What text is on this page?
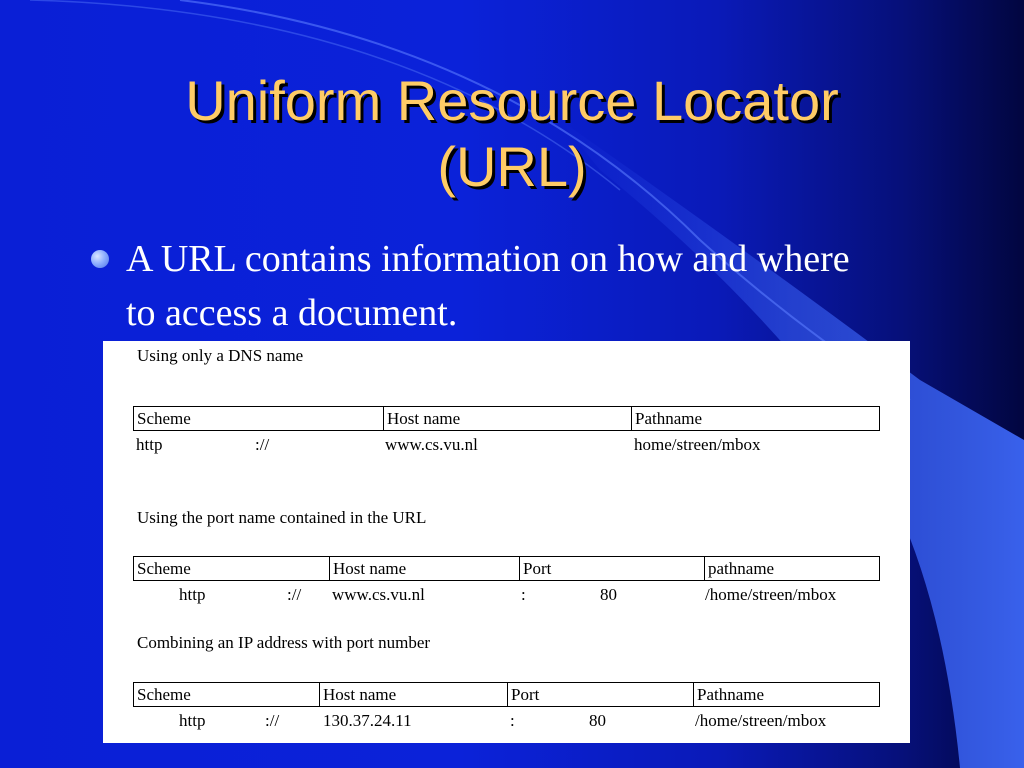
Uniform Resource Locator
(URL)
A URL contains information on how and where to access a document.
Using only a DNS name
Scheme	Host name	Pathname
http	://	www.cs.vu.nl	home/streen/mbox
Using the port name contained in the URL
Scheme	Host name	Port	pathname
http	:// www.cs.vu.nl	:	80	/home/streen/mbox
Combining an IP address with port number
Scheme	Host name	Port	Pathname
http	://	130.37.24.11	:	80	/home/streen/mbox
